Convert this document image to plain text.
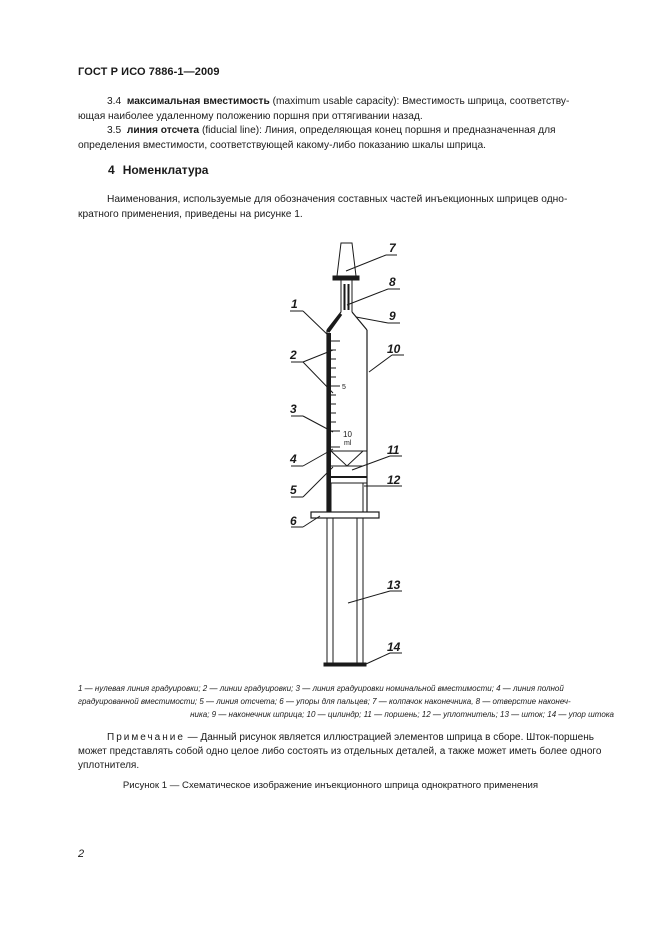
ГОСТ Р ИСО 7886-1—2009
3.4 максимальная вместимость (maximum usable capacity): Вместимость шприца, соответству-
ющая наиболее удаленному положению поршня при оттягивании назад.
3.5 линия отсчета (fiducial line): Линия, определяющая конец поршня и предназначенная для
определения вместимости, соответствующей какому-либо показанию шкалы шприца.
4 Номенклатура
Наименования, используемые для обозначения составных частей инъекционных шприцев одно-
кратного применения, приведены на рисунке 1.
5
10
ml
1
2
3
4
5
6
7
8
9
10
11
12
13
14
1 — нулевая линия градуировки; 2 — линии градуировки; 3 — линия градуировки номинальной вместимости; 4 — линия полной
градуированной вместимости; 5 — линия отсчета; 6 — упоры для пальцев; 7 — колпачок наконечника, 8 — отверстие наконеч-
ника; 9 — наконечник шприца; 10 — цилиндр; 11 — поршень; 12 — уплотнитель; 13 — шток; 14 — упор штока
Примечание — Данный рисунок является иллюстрацией элементов шприца в сборе. Шток-поршень
может представлять собой одно целое либо состоять из отдельных деталей, а также может иметь более одного
уплотнителя.
Рисунок 1 — Схематическое изображение инъекционного шприца однократного применения
2
